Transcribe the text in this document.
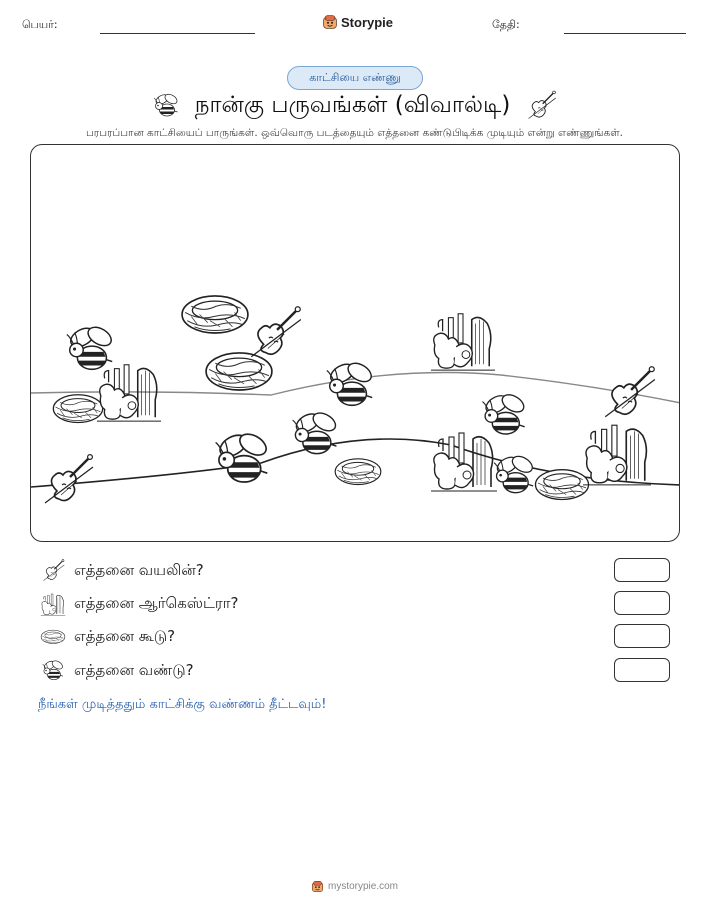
பெயர்:	Storypie	தேதி:
காட்சியை எண்ணு
நான்கு பருவங்கள் (விவால்டி)

பரபரப்பான காட்சியைப் பாருங்கள். ஒவ்வொரு படத்தையும் எத்தனை கண்டுபிடிக்க முடியும் என்று எண்ணுங்கள்.

எத்தனை வயலின்?
எத்தனை ஆர்கெஸ்ட்ரா?
எத்தனை கூடு?
எத்தனை வண்டு?

நீங்கள் முடித்ததும் காட்சிக்கு வண்ணம் தீட்டவும்!

mystorypie.com
